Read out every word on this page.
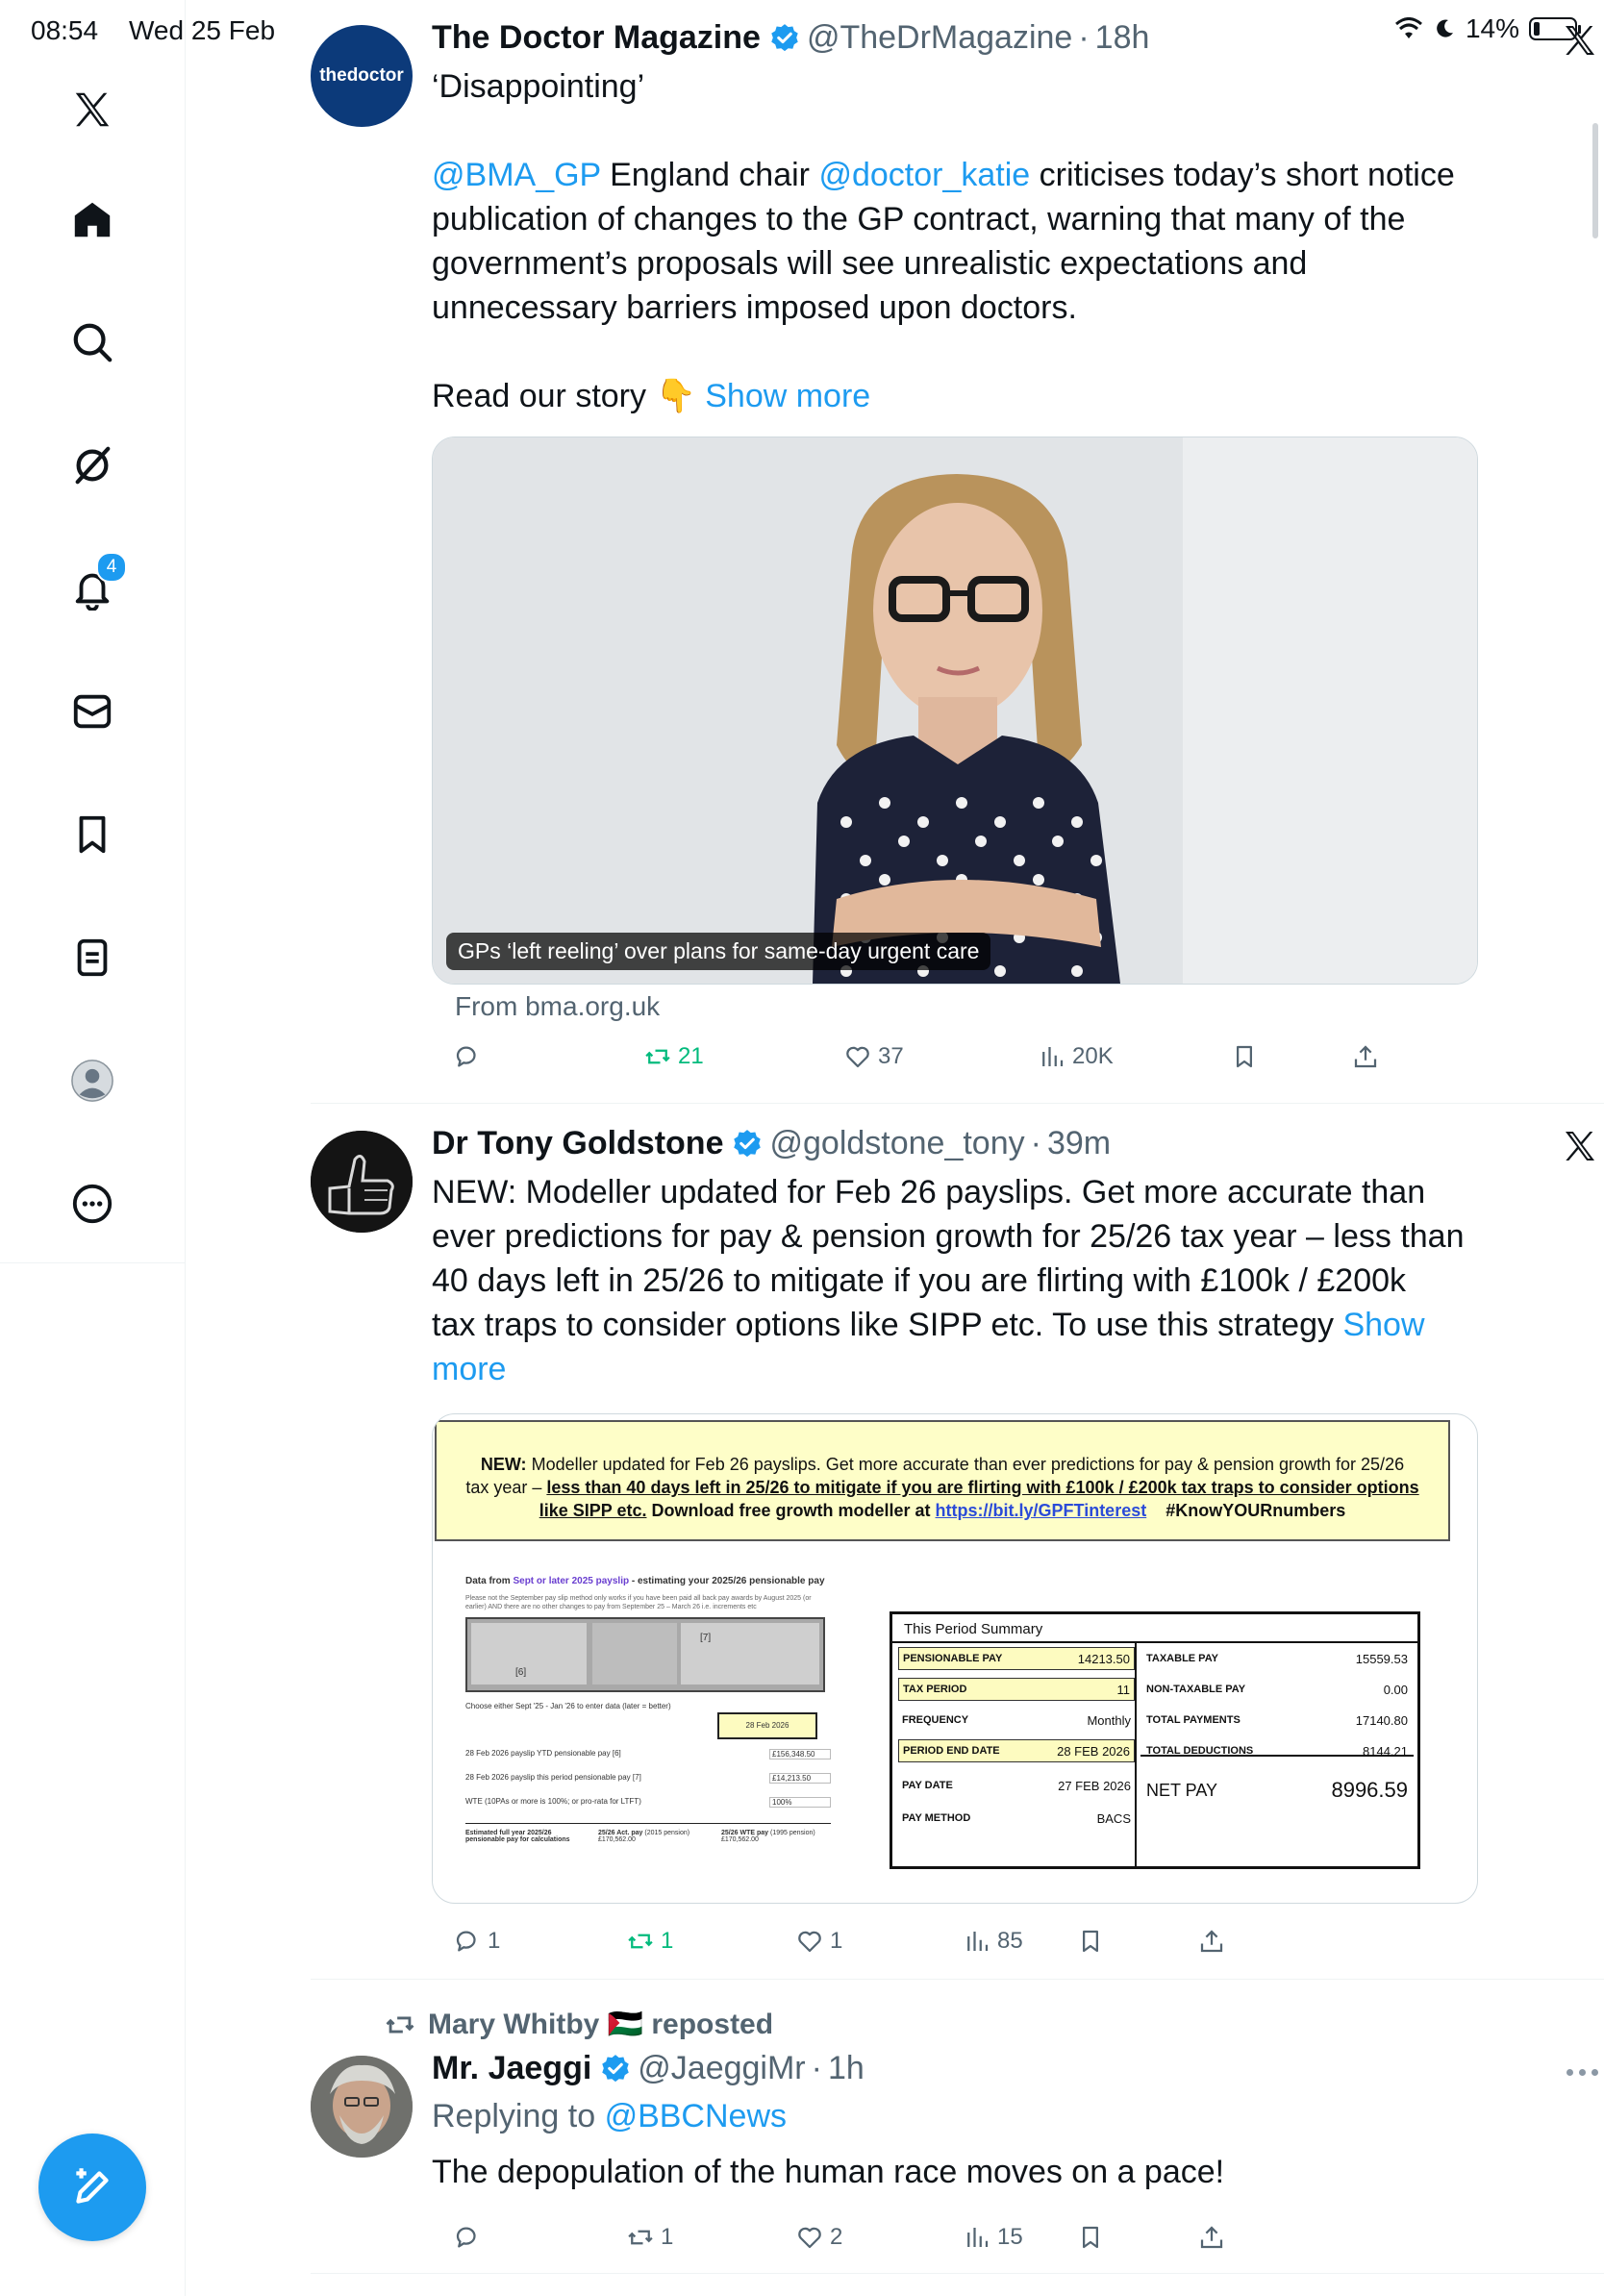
08:54 Wed 25 Feb	14%
4
thedoctor
The Doctor Magazine @TheDrMagazine · 18h
‘Disappointing’
@BMA_GP England chair @doctor_katie criticises today’s short notice
publication of changes to the GP contract, warning that many of the
government’s proposals will see unrealistic expectations and
unnecessary barriers imposed upon doctors.
Read our story 👇 Show more
GPs ‘left reeling’ over plans for same-day urgent care
From bma.org.uk
21	37	20K
Dr Tony Goldstone @goldstone_tony · 39m
NEW: Modeller updated for Feb 26 payslips. Get more accurate than
ever predictions for pay & pension growth for 25/26 tax year – less than
40 days left in 25/26 to mitigate if you are flirting with £100k / £200k
tax traps to consider options like SIPP etc. To use this strategy Show
more
NEW: Modeller updated for Feb 26 payslips. Get more accurate than ever predictions for pay & pension growth for 25/26
tax year – less than 40 days left in 25/26 to mitigate if you are flirting with £100k / £200k tax traps to consider options
like SIPP etc. Download free growth modeller at https://bit.ly/GPFTinterest #KnowYOURnumbers
Data from Sept or later 2025 payslip - estimating your 2025/26 pensionable pay
Please not the September pay slip method only works if you have been paid all back pay awards by August 2025 (or earlier) AND there are no other changes to pay from September 25 – March 26 i.e. increments etc
[6]
[7]
Choose either Sept '25 - Jan '26 to enter data (later = better)
28 Feb 2026
28 Feb 2026 payslip YTD pensionable pay [6]	£156,348.50
28 Feb 2026 payslip this period pensionable pay [7]	£14,213.50
WTE (10PAs or more is 100%; or pro-rata for LTFT)	100%
Estimated full year 2025/26 pensionable pay for calculations
25/26 Act. pay (2015 pension)
£170,562.00
25/26 WTE pay (1995 pension)
£170,562.00
This Period Summary
PENSIONABLE PAY	14213.50 TAXABLE PAY	15559.53
TAX PERIOD	11 NON-TAXABLE PAY	0.00
FREQUENCY	Monthly TOTAL PAYMENTS	17140.80
PERIOD END DATE	28 FEB 2026 TOTAL DEDUCTIONS	8144.21
PAY DATE	27 FEB 2026 NET PAY	8996.59
PAY METHOD	BACS
1	1	1	85
Mary Whitby 🇵🇸 reposted
Mr. Jaeggi @JaeggiMr · 1h
Replying to @BBCNews
The depopulation of the human race moves on a pace!
1	2	15
